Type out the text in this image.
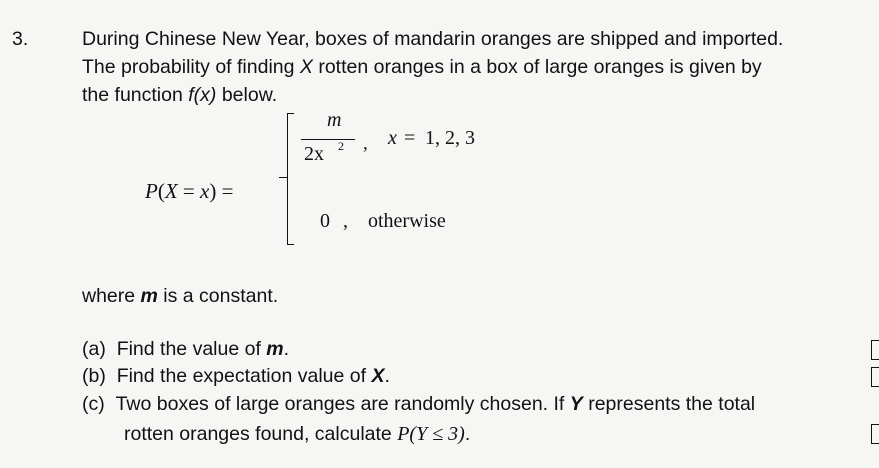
3.	During Chinese New Year, boxes of mandarin oranges are shipped and imported.
The probability of finding X rotten oranges in a box of large oranges is given by
the function f(x) below.
P(X = x) =
m
2x 2 , x = 1, 2, 3
0 , otherwise
where m is a constant.
(a) Find the value of m.
(b) Find the expectation value of X.
(c) Two boxes of large oranges are randomly chosen. If Y represents the total
rotten oranges found, calculate P(Y ≤ 3).
